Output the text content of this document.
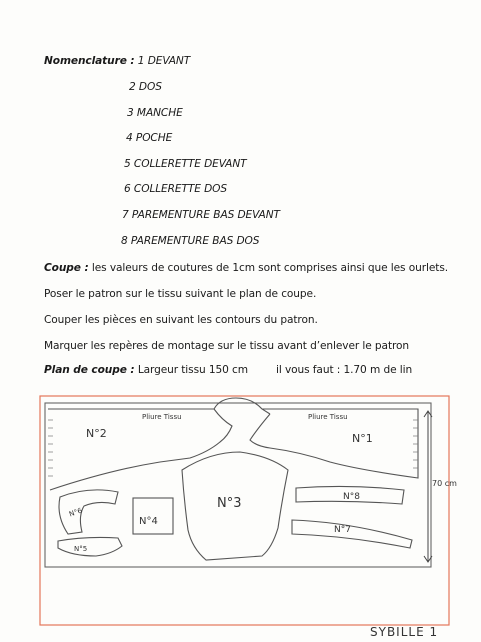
Nomenclature : 1 DEVANT
2 DOS
3 MANCHE
4 POCHE
5 COLLERETTE DEVANT
6 COLLERETTE DOS
7 PAREMENTURE BAS DEVANT
8 PAREMENTURE BAS DOS
Coupe : les valeurs de coutures de 1cm sont comprises ainsi que les ourlets.
Poser le patron sur le tissu suivant le plan de coupe.
Couper les pièces en suivant les contours du patron.
Marquer les repères de montage sur le tissu avant d’enlever le patron
Plan de coupe : Largeur tissu 150 cm	il vous faut : 1.70 m de lin
Pliure Tissu	Pliure Tissu
N°2	N°1
N°3
N°4
N°8
N°7
N°6
N°5
70 cm
SYBILLE 1
